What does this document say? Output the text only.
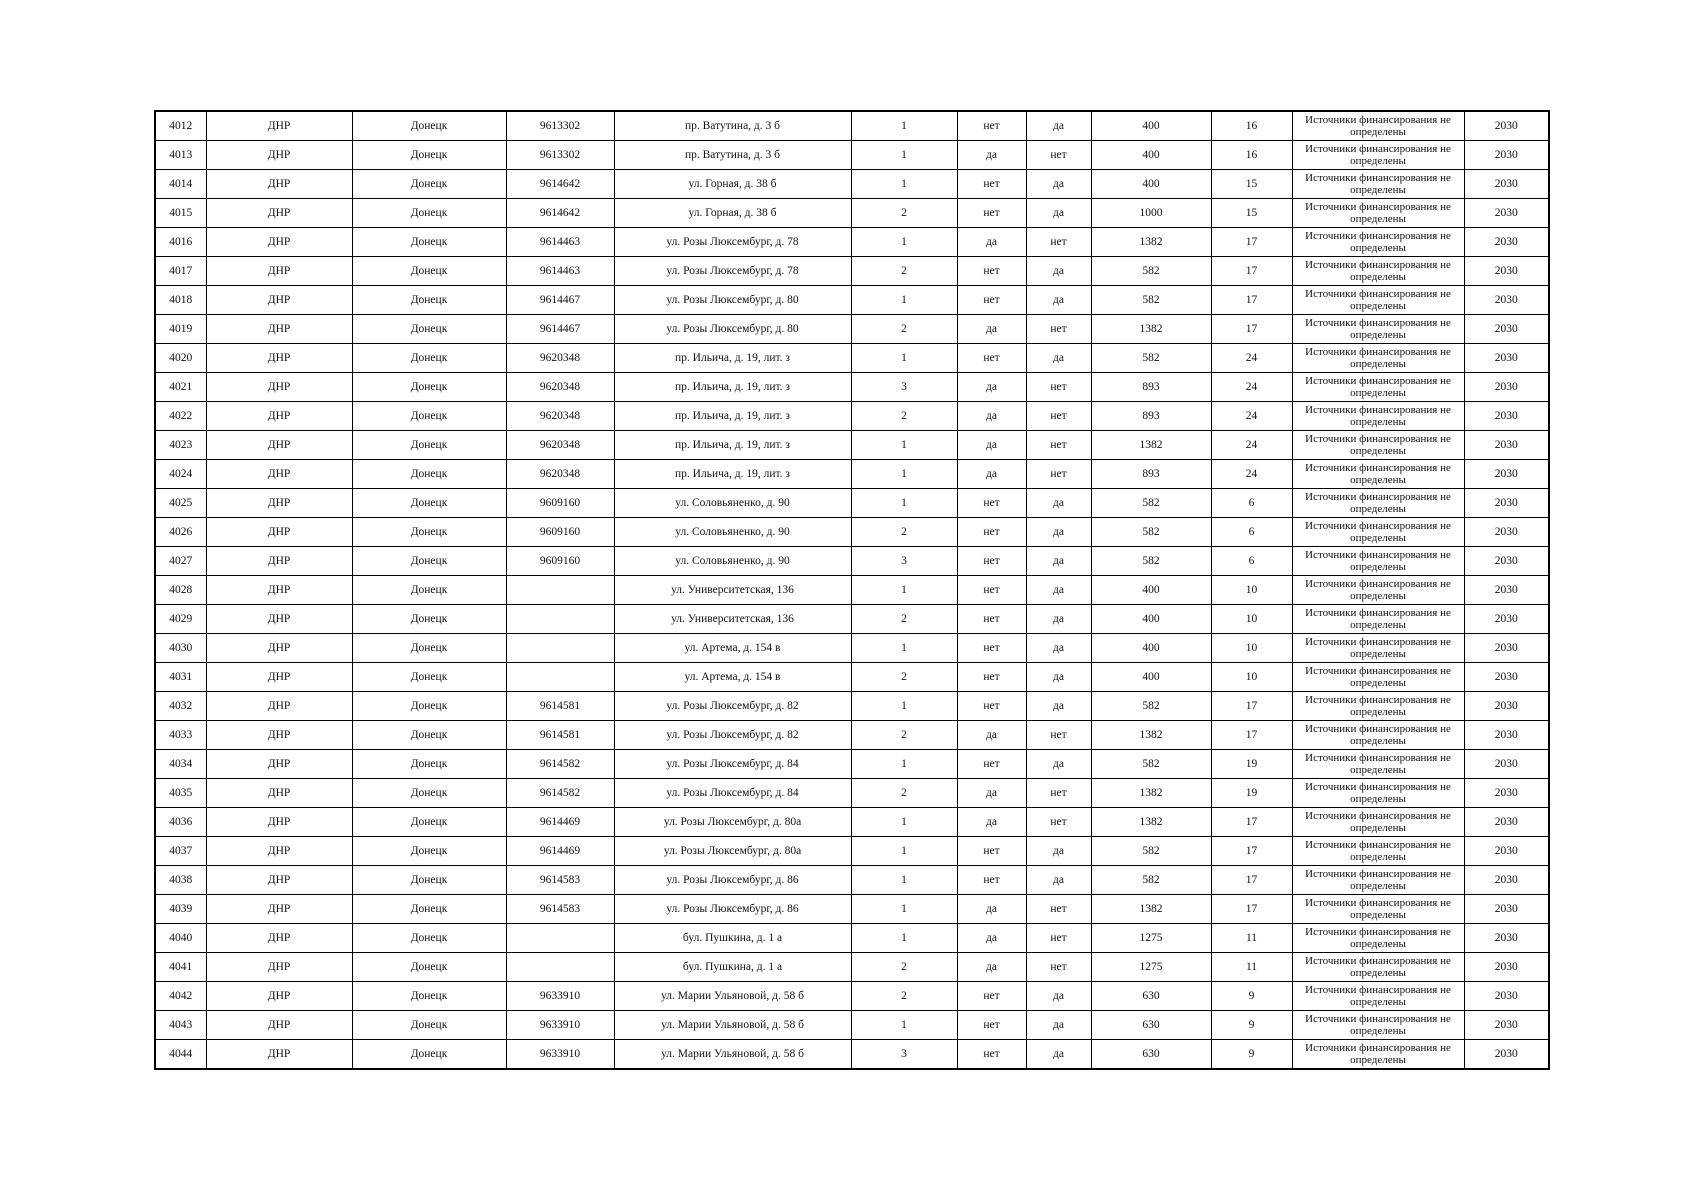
4012	ДНР	Донецк	9613302	пр. Ватутина, д. 3 б	1	нет	да	400	16	Источники финансирования не определены	2030
4013	ДНР	Донецк	9613302	пр. Ватутина, д. 3 б	1	да	нет	400	16	Источники финансирования не определены	2030
4014	ДНР	Донецк	9614642	ул. Горная, д. 38 б	1	нет	да	400	15	Источники финансирования не определены	2030
4015	ДНР	Донецк	9614642	ул. Горная, д. 38 б	2	нет	да	1000	15	Источники финансирования не определены	2030
4016	ДНР	Донецк	9614463	ул. Розы Люксембург, д. 78	1	да	нет	1382	17	Источники финансирования не определены	2030
4017	ДНР	Донецк	9614463	ул. Розы Люксембург, д. 78	2	нет	да	582	17	Источники финансирования не определены	2030
4018	ДНР	Донецк	9614467	ул. Розы Люксембург, д. 80	1	нет	да	582	17	Источники финансирования не определены	2030
4019	ДНР	Донецк	9614467	ул. Розы Люксембург, д. 80	2	да	нет	1382	17	Источники финансирования не определены	2030
4020	ДНР	Донецк	9620348	пр. Ильича, д. 19, лит. з	1	нет	да	582	24	Источники финансирования не определены	2030
4021	ДНР	Донецк	9620348	пр. Ильича, д. 19, лит. з	3	да	нет	893	24	Источники финансирования не определены	2030
4022	ДНР	Донецк	9620348	пр. Ильича, д. 19, лит. з	2	да	нет	893	24	Источники финансирования не определены	2030
4023	ДНР	Донецк	9620348	пр. Ильича, д. 19, лит. з	1	да	нет	1382	24	Источники финансирования не определены	2030
4024	ДНР	Донецк	9620348	пр. Ильича, д. 19, лит. з	1	да	нет	893	24	Источники финансирования не определены	2030
4025	ДНР	Донецк	9609160	ул. Соловьяненко, д. 90	1	нет	да	582	6	Источники финансирования не определены	2030
4026	ДНР	Донецк	9609160	ул. Соловьяненко, д. 90	2	нет	да	582	6	Источники финансирования не определены	2030
4027	ДНР	Донецк	9609160	ул. Соловьяненко, д. 90	3	нет	да	582	6	Источники финансирования не определены	2030
4028	ДНР	Донецк		ул. Университетская, 136	1	нет	да	400	10	Источники финансирования не определены	2030
4029	ДНР	Донецк		ул. Университетская, 136	2	нет	да	400	10	Источники финансирования не определены	2030
4030	ДНР	Донецк		ул. Артема, д. 154 в	1	нет	да	400	10	Источники финансирования не определены	2030
4031	ДНР	Донецк		ул. Артема, д. 154 в	2	нет	да	400	10	Источники финансирования не определены	2030
4032	ДНР	Донецк	9614581	ул. Розы Люксембург, д. 82	1	нет	да	582	17	Источники финансирования не определены	2030
4033	ДНР	Донецк	9614581	ул. Розы Люксембург, д. 82	2	да	нет	1382	17	Источники финансирования не определены	2030
4034	ДНР	Донецк	9614582	ул. Розы Люксембург, д. 84	1	нет	да	582	19	Источники финансирования не определены	2030
4035	ДНР	Донецк	9614582	ул. Розы Люксембург, д. 84	2	да	нет	1382	19	Источники финансирования не определены	2030
4036	ДНР	Донецк	9614469	ул. Розы Люксембург, д. 80а	1	да	нет	1382	17	Источники финансирования не определены	2030
4037	ДНР	Донецк	9614469	ул. Розы Люксембург, д. 80а	1	нет	да	582	17	Источники финансирования не определены	2030
4038	ДНР	Донецк	9614583	ул. Розы Люксембург, д. 86	1	нет	да	582	17	Источники финансирования не определены	2030
4039	ДНР	Донецк	9614583	ул. Розы Люксембург, д. 86	1	да	нет	1382	17	Источники финансирования не определены	2030
4040	ДНР	Донецк		бул. Пушкина, д. 1 а	1	да	нет	1275	11	Источники финансирования не определены	2030
4041	ДНР	Донецк		бул. Пушкина, д. 1 а	2	да	нет	1275	11	Источники финансирования не определены	2030
4042	ДНР	Донецк	9633910	ул. Марии Ульяновой, д. 58 б	2	нет	да	630	9	Источники финансирования не определены	2030
4043	ДНР	Донецк	9633910	ул. Марии Ульяновой, д. 58 б	1	нет	да	630	9	Источники финансирования не определены	2030
4044	ДНР	Донецк	9633910	ул. Марии Ульяновой, д. 58 б	3	нет	да	630	9	Источники финансирования не определены	2030
